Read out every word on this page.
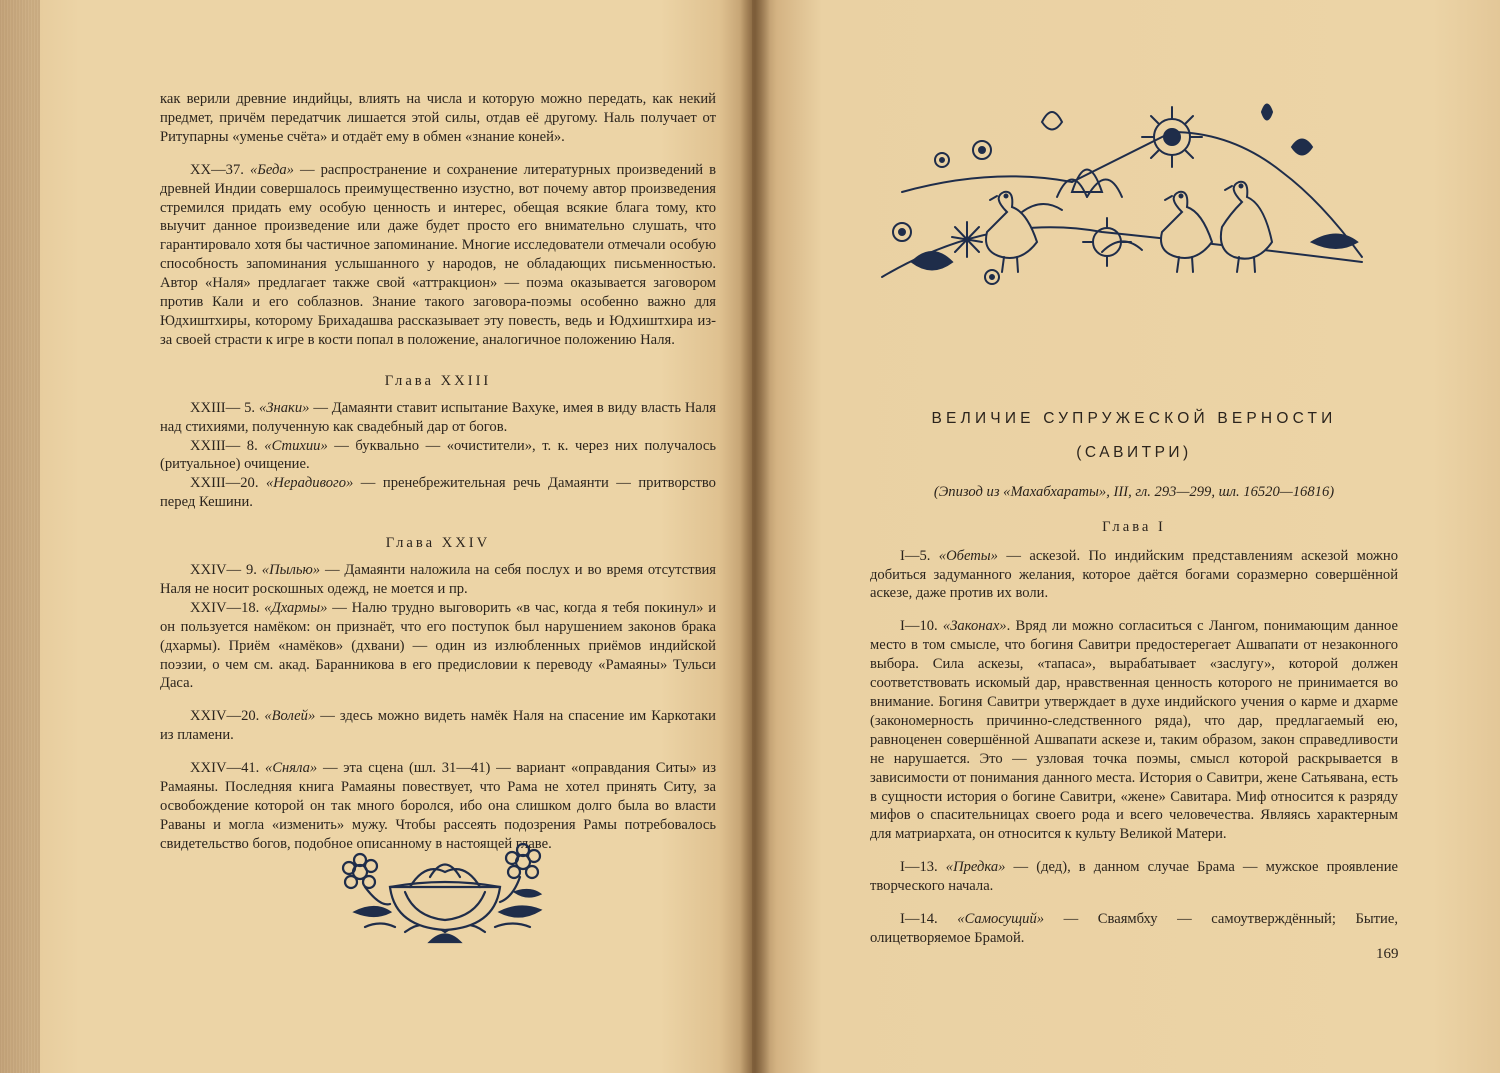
как верили древние индийцы, влиять на числа и которую можно передать, как некий предмет, причём передатчик лишается этой силы, отдав её другому. Наль получает от Ритупарны «уменье счёта» и отдаёт ему в обмен «знание коней».

XX—37. «Беда» — распространение и сохранение литературных произведений в древней Индии совершалось преимущественно изустно, вот почему автор произведения стремился придать ему особую ценность и интерес, обещая всякие блага тому, кто выучит данное произведение или даже будет просто его внимательно слушать, что гарантировало хотя бы частичное запоминание. Многие исследователи отмечали особую способность запоминания услышанного у народов, не обладающих письменностью. Автор «Наля» предлагает также свой «аттракцион» — поэма оказывается заговором против Кали и его соблазнов. Знание такого заговора-поэмы особенно важно для Юдхиштхиры, которому Брихадашва рассказывает эту повесть, ведь и Юдхиштхира из-за своей страсти к игре в кости попал в положение, аналогичное положению Наля.

Глава XXIII

XXIII— 5. «Знаки» — Дамаянти ставит испытание Вахуке, имея в виду власть Наля над стихиями, полученную как свадебный дар от богов.

XXIII— 8. «Стихии» — буквально — «очистители», т. к. через них получалось (ритуальное) очищение.

XXIII—20. «Нерадивого» — пренебрежительная речь Дамаянти — притворство перед Кешини.

Глава XXIV

XXIV— 9. «Пылью» — Дамаянти наложила на себя послух и во время отсутствия Наля не носит роскошных одежд, не моется и пр.

XXIV—18. «Дхармы» — Налю трудно выговорить «в час, когда я тебя покинул» и он пользуется намёком: он признаёт, что его поступок был нарушением законов брака (дхармы). Приём «намёков» (дхвани) — один из излюбленных приёмов индийской поэзии, о чем см. акад. Баранникова в его предисловии к переводу «Рамаяны» Тульси Даса.

XXIV—20. «Волей» — здесь можно видеть намёк Наля на спасение им Каркотаки из пламени.

XXIV—41. «Сняла» — эта сцена (шл. 31—41) — вариант «оправдания Ситы» из Рамаяны. Последняя книга Рамаяны повествует, что Рама не хотел принять Ситу, за освобождение которой он так много боролся, ибо она слишком долго была во власти Раваны и могла «изменить» мужу. Чтобы рассеять подозрения Рамы потребовалось свидетельство богов, подобное описанному в настоящей главе.

ВЕЛИЧИЕ СУПРУЖЕСКОЙ ВЕРНОСТИ

(САВИТРИ)

(Эпизод из «Махабхараты», III, гл. 293—299, шл. 16520—16816)

Глава I

I—5. «Обеты» — аскезой. По индийским представлениям аскезой можно добиться задуманного желания, которое даётся богами соразмерно совершённой аскезе, даже против их воли.

I—10. «Законах». Вряд ли можно согласиться с Лангом, понимающим данное место в том смысле, что богиня Савитри предостерегает Ашвапати от незаконного выбора. Сила аскезы, «тапаса», вырабатывает «заслугу», которой должен соответствовать искомый дар, нравственная ценность которого не принимается во внимание. Богиня Савитри утверждает в духе индийского учения о карме и дхарме (закономерность причинно-следственного ряда), что дар, предлагаемый ею, равноценен совершённой Ашвапати аскезе и, таким образом, закон справедливости не нарушается. Это — узловая точка поэмы, смысл которой раскрывается в зависимости от понимания данного места. История о Савитри, жене Сатьявана, есть в сущности история о богине Савитри, «жене» Савитара. Миф относится к разряду мифов о спасительницах своего рода и всего человечества. Являясь характерным для матриархата, он относится к культу Великой Матери.

I—13. «Предка» — (дед), в данном случае Брама — мужское проявление творческого начала.

I—14. «Самосущий» — Сваямбху — самоутверждённый; Бытие, олицетворяемое Брамой.

169
